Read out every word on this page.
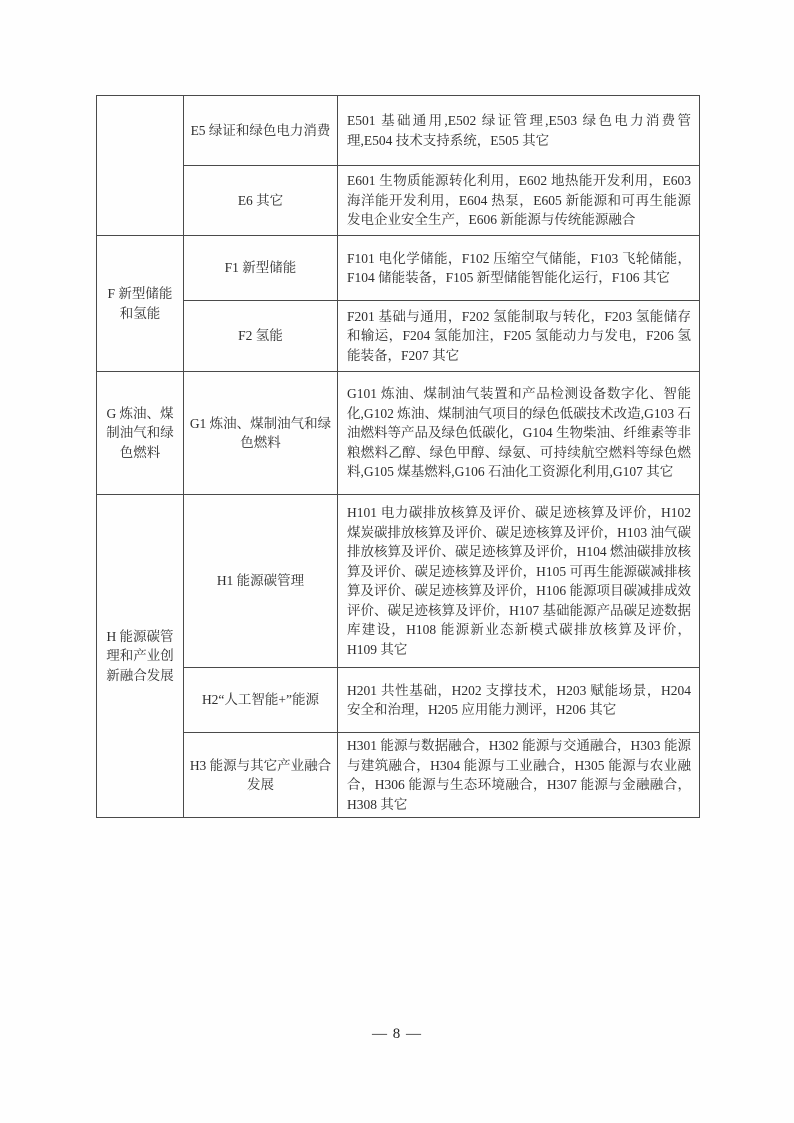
	E5 绿证和绿色电力消费	E501 基础通用,E502 绿证管理,E503 绿色电力消费管理,E504 技术支持系统，E505 其它
	E6 其它	E601 生物质能源转化利用，E602 地热能开发利用，E603 海洋能开发利用，E604 热泵，E605 新能源和可再生能源发电企业安全生产，E606 新能源与传统能源融合
F 新型储能和氢能	F1 新型储能	F101 电化学储能，F102 压缩空气储能，F103 飞轮储能，F104 储能装备，F105 新型储能智能化运行，F106 其它
	F2 氢能	F201 基础与通用，F202 氢能制取与转化，F203 氢能储存和输运，F204 氢能加注，F205 氢能动力与发电，F206 氢能装备，F207 其它
G 炼油、煤制油气和绿色燃料	G1 炼油、煤制油气和绿色燃料	G101 炼油、煤制油气装置和产品检测设备数字化、智能化,G102 炼油、煤制油气项目的绿色低碳技术改造,G103 石油燃料等产品及绿色低碳化，G104 生物柴油、纤维素等非粮燃料乙醇、绿色甲醇、绿氨、可持续航空燃料等绿色燃料,G105 煤基燃料,G106 石油化工资源化利用,G107 其它
H 能源碳管理和产业创新融合发展	H1 能源碳管理	H101 电力碳排放核算及评价、碳足迹核算及评价，H102 煤炭碳排放核算及评价、碳足迹核算及评价，H103 油气碳排放核算及评价、碳足迹核算及评价，H104 燃油碳排放核算及评价、碳足迹核算及评价，H105 可再生能源碳减排核算及评价、碳足迹核算及评价，H106 能源项目碳减排成效评价、碳足迹核算及评价，H107 基础能源产品碳足迹数据库建设，H108 能源新业态新模式碳排放核算及评价，H109 其它
	H2“人工智能+”能源	H201 共性基础，H202 支撑技术，H203 赋能场景，H204 安全和治理，H205 应用能力测评，H206 其它
	H3 能源与其它产业融合发展	H301 能源与数据融合，H302 能源与交通融合，H303 能源与建筑融合，H304 能源与工业融合，H305 能源与农业融合，H306 能源与生态环境融合，H307 能源与金融融合，H308 其它
— 8 —
